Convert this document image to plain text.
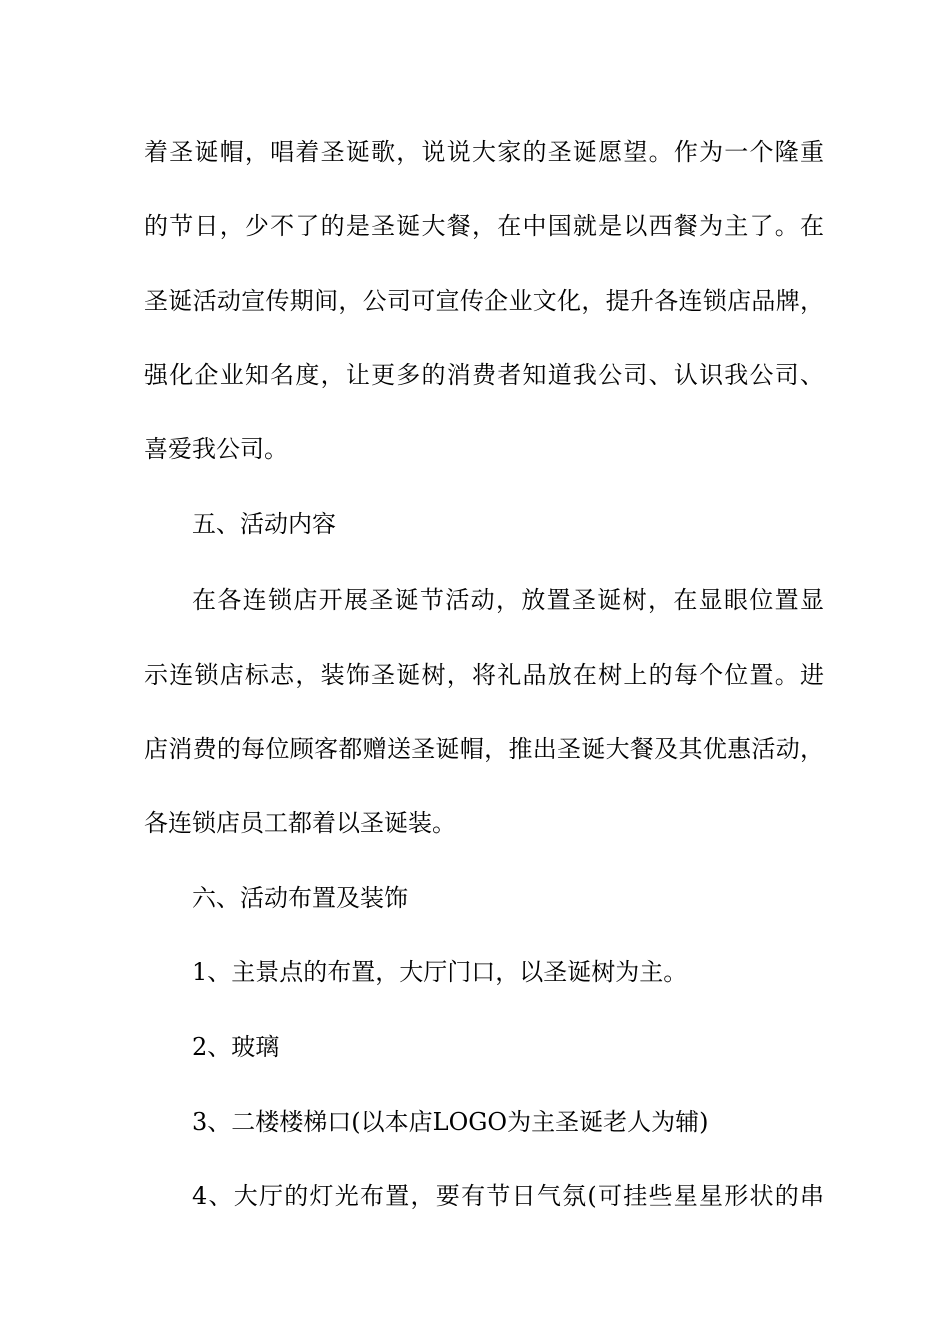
着圣诞帽，唱着圣诞歌，说说大家的圣诞愿望。作为一个隆重
的节日，少不了的是圣诞大餐，在中国就是以西餐为主了。在
圣诞活动宣传期间，公司可宣传企业文化，提升各连锁店品牌，
强化企业知名度，让更多的消费者知道我公司、认识我公司、
喜爱我公司。
五、活动内容
在各连锁店开展圣诞节活动，放置圣诞树，在显眼位置显
示连锁店标志，装饰圣诞树，将礼品放在树上的每个位置。进
店消费的每位顾客都赠送圣诞帽，推出圣诞大餐及其优惠活动，
各连锁店员工都着以圣诞装。
六、活动布置及装饰
1、主景点的布置，大厅门口，以圣诞树为主。
2、玻璃
3、二楼楼梯口(以本店LOGO为主圣诞老人为辅)
4、大厅的灯光布置，要有节日气氛(可挂些星星形状的串
